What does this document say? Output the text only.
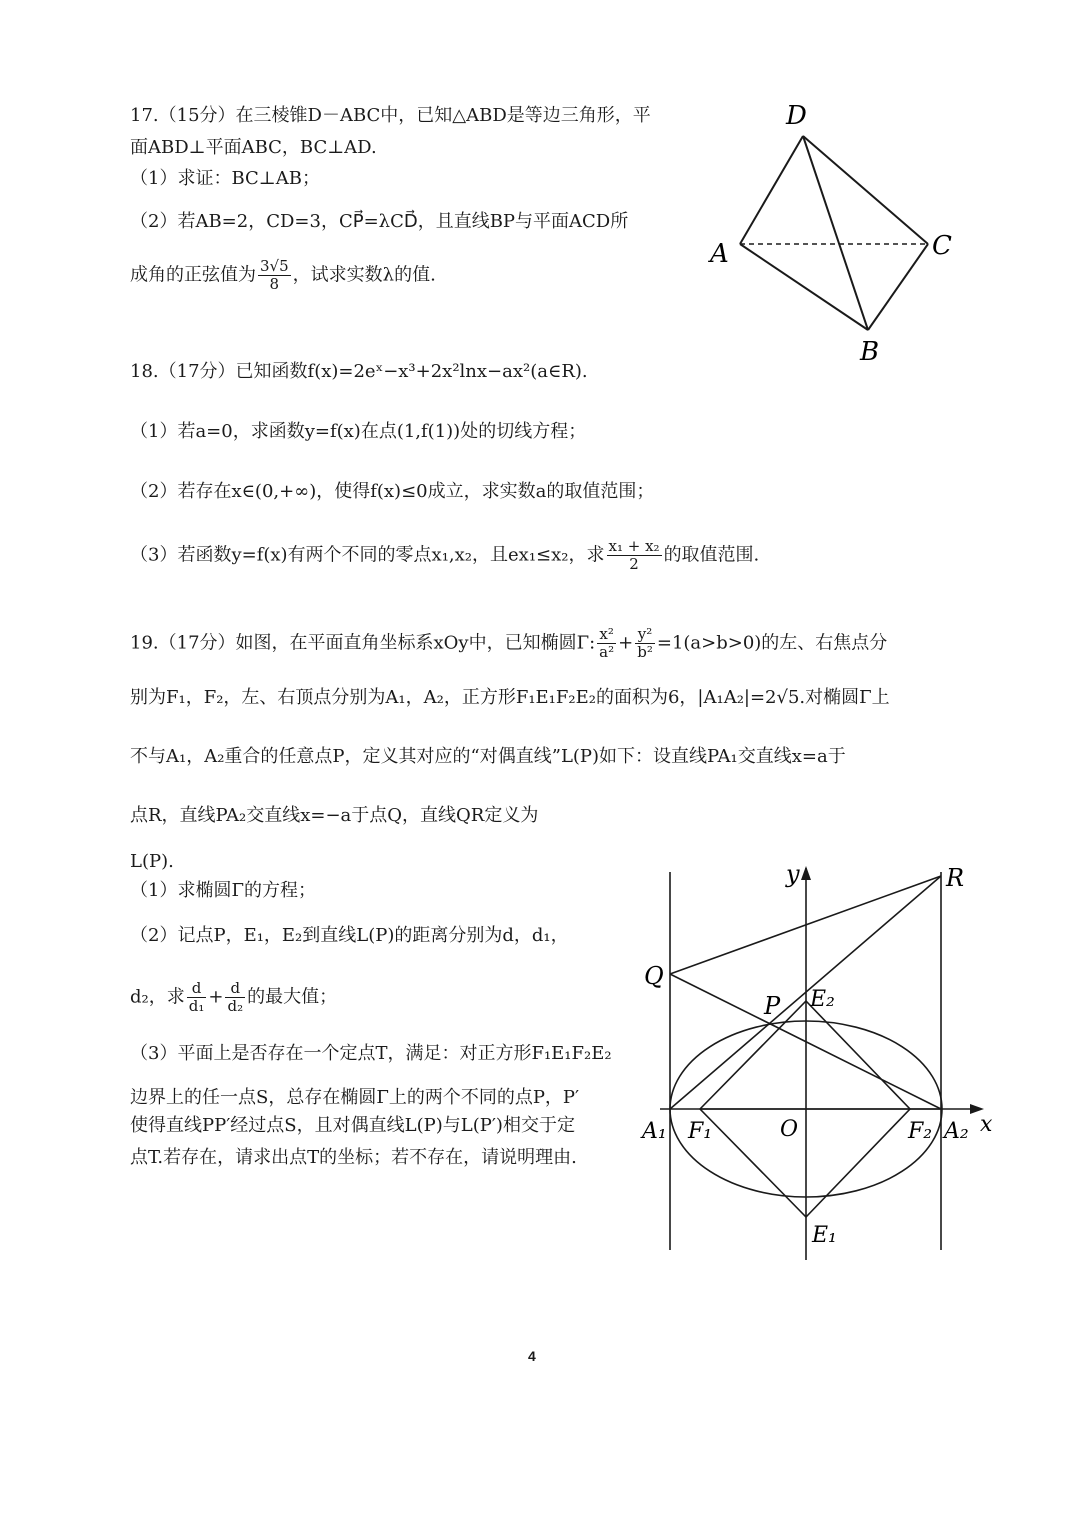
17.（15分）在三棱锥D－ABC中，已知△ABD是等边三角形，平
面ABD⊥平面ABC，BC⊥AD.
（1）求证：BC⊥AB；
（2）若AB=2，CD=3，CP⃗=λCD⃗，且直线BP与平面ACD所
成角的正弦值为 $\frac{3√5}{8}$ ，试求实数λ的值.
D
A	C
B
18.（17分）已知函数f(x)=2eˣ−x³+2x²lnx−ax²(a∈R).
（1）若a=0，求函数y=f(x)在点(1,f(1))处的切线方程；
（2）若存在x∈(0,+∞)，使得f(x)≤0成立，求实数a的取值范围；
（3）若函数y=f(x)有两个不同的零点x₁,x₂，且ex₁≤x₂，求 $\frac{\text{x₁ + x₂}}{2}$ 的取值范围.
19.（17分）如图，在平面直角坐标系xOy中，已知椭圆Γ: $\frac{\text{x²}}{\text{a²}} + \frac{\text{y²}}{\text{b²}} =1(a>b>0)$的左、右焦点分
别为F₁，F₂，左、右顶点分别为A₁，A₂，正方形F₁E₁F₂E₂的面积为6，|A₁A₂|=2√5.对椭圆Γ上
不与A₁，A₂重合的任意点P，定义其对应的“对偶直线”L(P)如下：设直线PA₁交直线x=a于
点R，直线PA₂交直线x=−a于点Q，直线QR定义为
L(P).
（1）求椭圆Γ的方程；
（2）记点P，E₁，E₂到直线L(P)的距离分别为d，d₁，
d₂，求 $\frac{d}{\text{d₁}} + \frac{d}{\text{d₂}}$ 的最大值；
（3）平面上是否存在一个定点T，满足：对正方形F₁E₁F₂E₂
边界上的任一点S，总存在椭圆Γ上的两个不同的点P，P′
使得直线PP′经过点S，且对偶直线L(P)与L(P′)相交于定
点T.若存在，请求出点T的坐标；若不存在，请说明理由.
y	R
Q
P E₂
A₁ F₁	O	F₂ A₂ x
E₁
4
